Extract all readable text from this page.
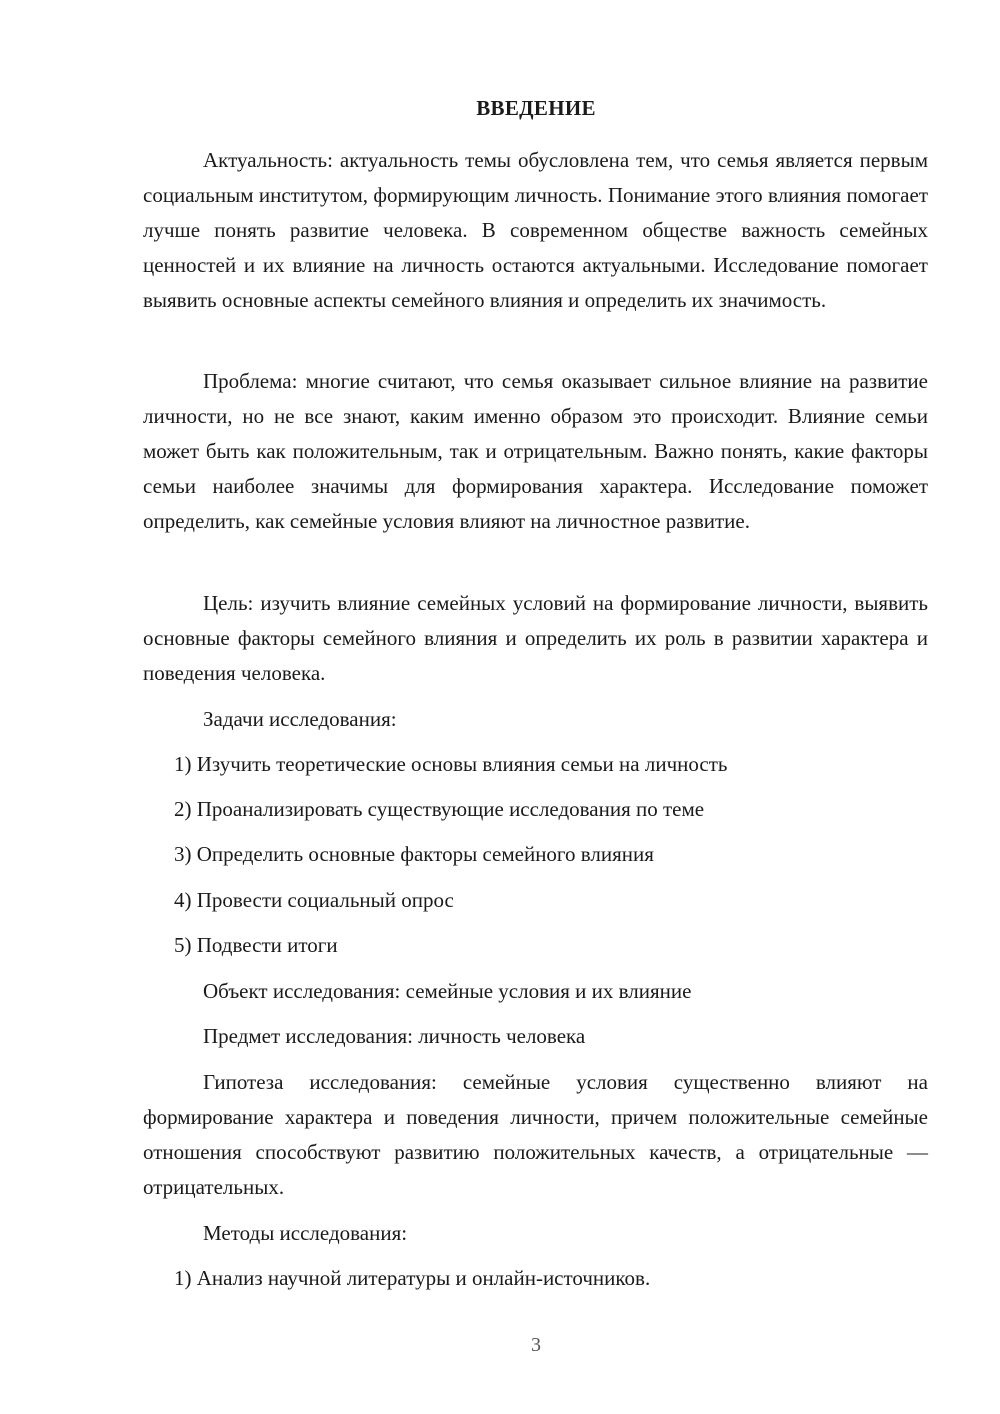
ВВЕДЕНИЕ

Актуальность: актуальность темы обусловлена тем, что семья является первым социальным институтом, формирующим личность. Понимание этого влияния помогает лучше понять развитие человека. В современном обществе важность семейных ценностей и их влияние на личность остаются актуальными. Исследование помогает выявить основные аспекты семейного влияния и определить их значимость.

Проблема: многие считают, что семья оказывает сильное влияние на развитие личности, но не все знают, каким именно образом это происходит. Влияние семьи может быть как положительным, так и отрицательным. Важно понять, какие факторы семьи наиболее значимы для формирования характера. Исследование поможет определить, как семейные условия влияют на личностное развитие.

Цель: изучить влияние семейных условий на формирование личности, выявить основные факторы семейного влияния и определить их роль в развитии характера и поведения человека.

Задачи исследования:

1) Изучить теоретические основы влияния семьи на личность

2) Проанализировать существующие исследования по теме

3) Определить основные факторы семейного влияния

4) Провести социальный опрос

5) Подвести итоги

Объект исследования: семейные условия и их влияние

Предмет исследования: личность человека

Гипотеза исследования: семейные условия существенно влияют на формирование характера и поведения личности, причем положительные семейные отношения способствуют развитию положительных качеств, а отрицательные — отрицательных.

Методы исследования:

1) Анализ научной литературы и онлайн-источников.

3
